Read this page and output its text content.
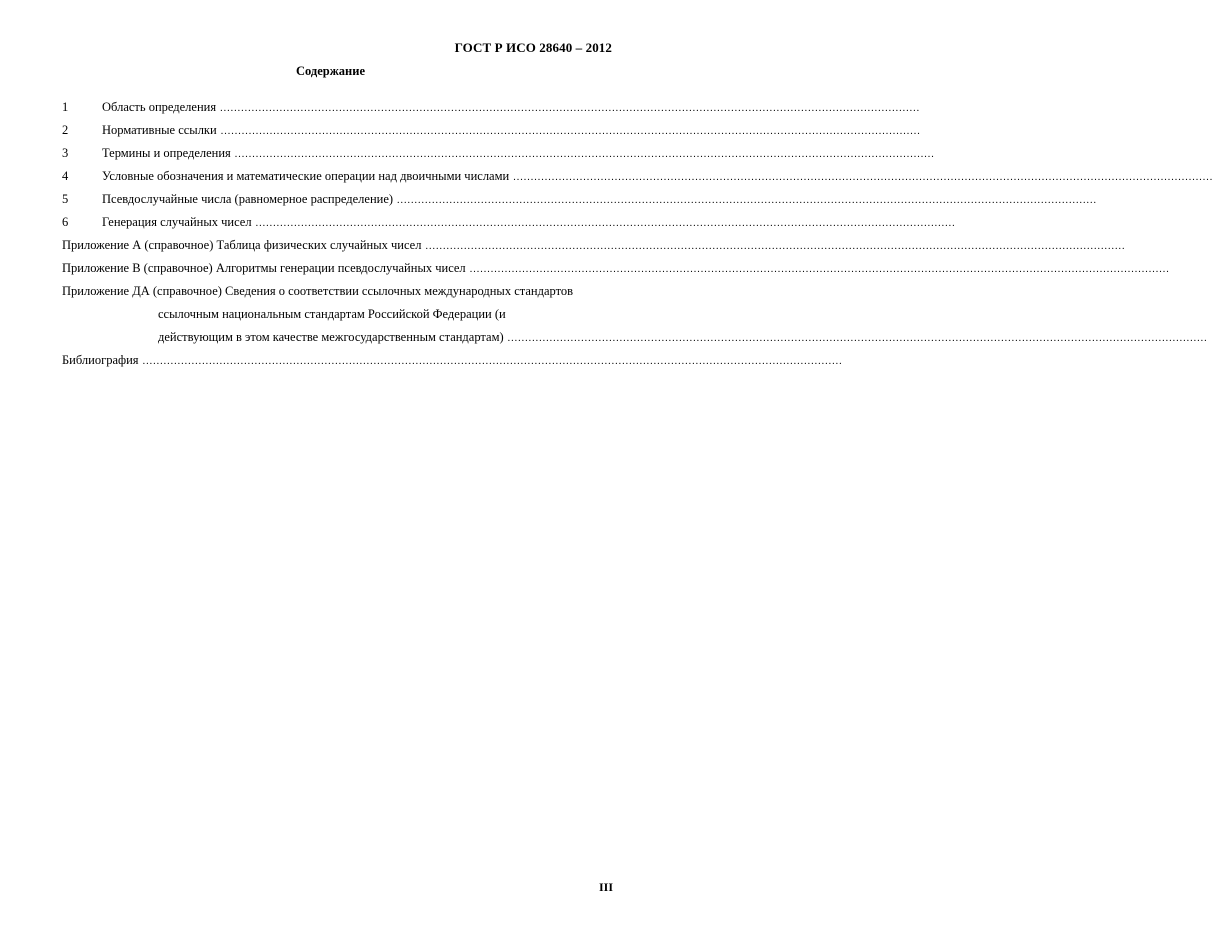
ГОСТ Р ИСО 28640 – 2012
Содержание
1	Область определения ........................................................................................................................................................................................................
2	Нормативные ссылки ........................................................................................................................................................................................................
3	Термины и определения ........................................................................................................................................................................................................
4	Условные обозначения и математические операции над двоичными числами ........................................................................................................................................................................................................
5	Псевдослучайные числа (равномерное распределение) ........................................................................................................................................................................................................
6	Генерация случайных чисел ........................................................................................................................................................................................................
Приложение А (справочное) Таблица физических случайных чисел ........................................................................................................................................................................................................
Приложение В (справочное) Алгоритмы генерации псевдослучайных чисел ........................................................................................................................................................................................................
Приложение ДА (справочное) Сведения о соответствии ссылочных международных стандартов
ссылочным национальным стандартам Российской Федерации (и
действующим в этом качестве межгосударственным стандартам) ........................................................................................................................................................................................................
Библиография ........................................................................................................................................................................................................
III
